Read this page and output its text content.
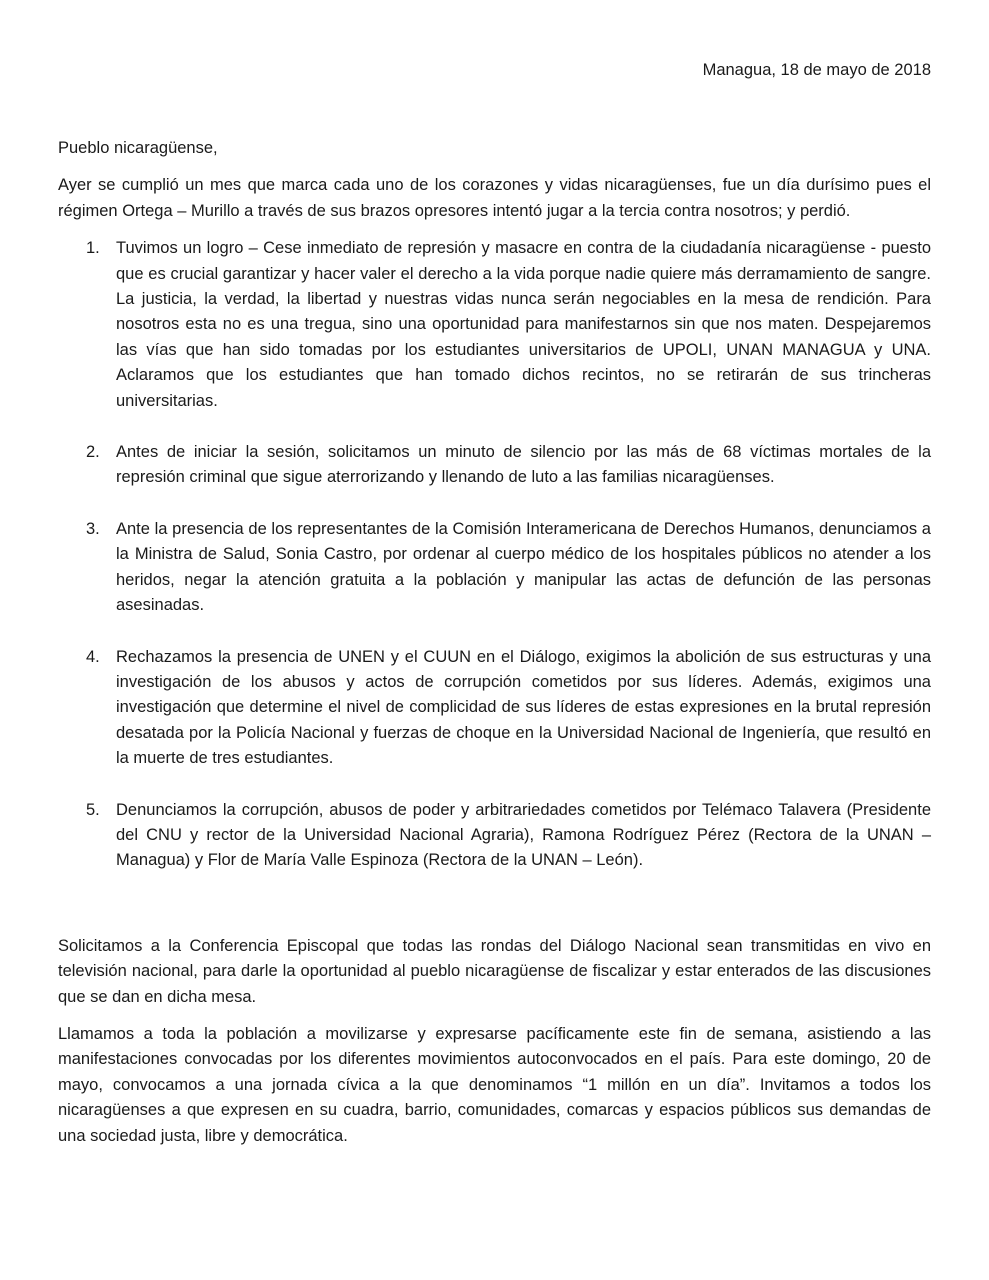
Managua, 18 de mayo de 2018

Pueblo nicaragüense,

Ayer se cumplió un mes que marca cada uno de los corazones y vidas nicaragüenses, fue un día durísimo pues el régimen Ortega – Murillo a través de sus brazos opresores intentó jugar a la tercia contra nosotros; y perdió.

1. Tuvimos un logro – Cese inmediato de represión y masacre en contra de la ciudadanía nicaragüense - puesto que es crucial garantizar y hacer valer el derecho a la vida porque nadie quiere más derramamiento de sangre. La justicia, la verdad, la libertad y nuestras vidas nunca serán negociables en la mesa de rendición. Para nosotros esta no es una tregua, sino una oportunidad para manifestarnos sin que nos maten. Despejaremos las vías que han sido tomadas por los estudiantes universitarios de UPOLI, UNAN MANAGUA y UNA. Aclaramos que los estudiantes que han tomado dichos recintos, no se retirarán de sus trincheras universitarias.
2. Antes de iniciar la sesión, solicitamos un minuto de silencio por las más de 68 víctimas mortales de la represión criminal que sigue aterrorizando y llenando de luto a las familias nicaragüenses.
3. Ante la presencia de los representantes de la Comisión Interamericana de Derechos Humanos, denunciamos a la Ministra de Salud, Sonia Castro, por ordenar al cuerpo médico de los hospitales públicos no atender a los heridos, negar la atención gratuita a la población y manipular las actas de defunción de las personas asesinadas.
4. Rechazamos la presencia de UNEN y el CUUN en el Diálogo, exigimos la abolición de sus estructuras y una investigación de los abusos y actos de corrupción cometidos por sus líderes. Además, exigimos una investigación que determine el nivel de complicidad de sus líderes de estas expresiones en la brutal represión desatada por la Policía Nacional y fuerzas de choque en la Universidad Nacional de Ingeniería, que resultó en la muerte de tres estudiantes.
5. Denunciamos la corrupción, abusos de poder y arbitrariedades cometidos por Telémaco Talavera (Presidente del CNU y rector de la Universidad Nacional Agraria), Ramona Rodríguez Pérez (Rectora de la UNAN – Managua) y Flor de María Valle Espinoza (Rectora de la UNAN – León).

Solicitamos a la Conferencia Episcopal que todas las rondas del Diálogo Nacional sean transmitidas en vivo en televisión nacional, para darle la oportunidad al pueblo nicaragüense de fiscalizar y estar enterados de las discusiones que se dan en dicha mesa.

Llamamos a toda la población a movilizarse y expresarse pacíficamente este fin de semana, asistiendo a las manifestaciones convocadas por los diferentes movimientos autoconvocados en el país. Para este domingo, 20 de mayo, convocamos a una jornada cívica a la que denominamos “1 millón en un día”. Invitamos a todos los nicaragüenses a que expresen en su cuadra, barrio, comunidades, comarcas y espacios públicos sus demandas de una sociedad justa, libre y democrática.
